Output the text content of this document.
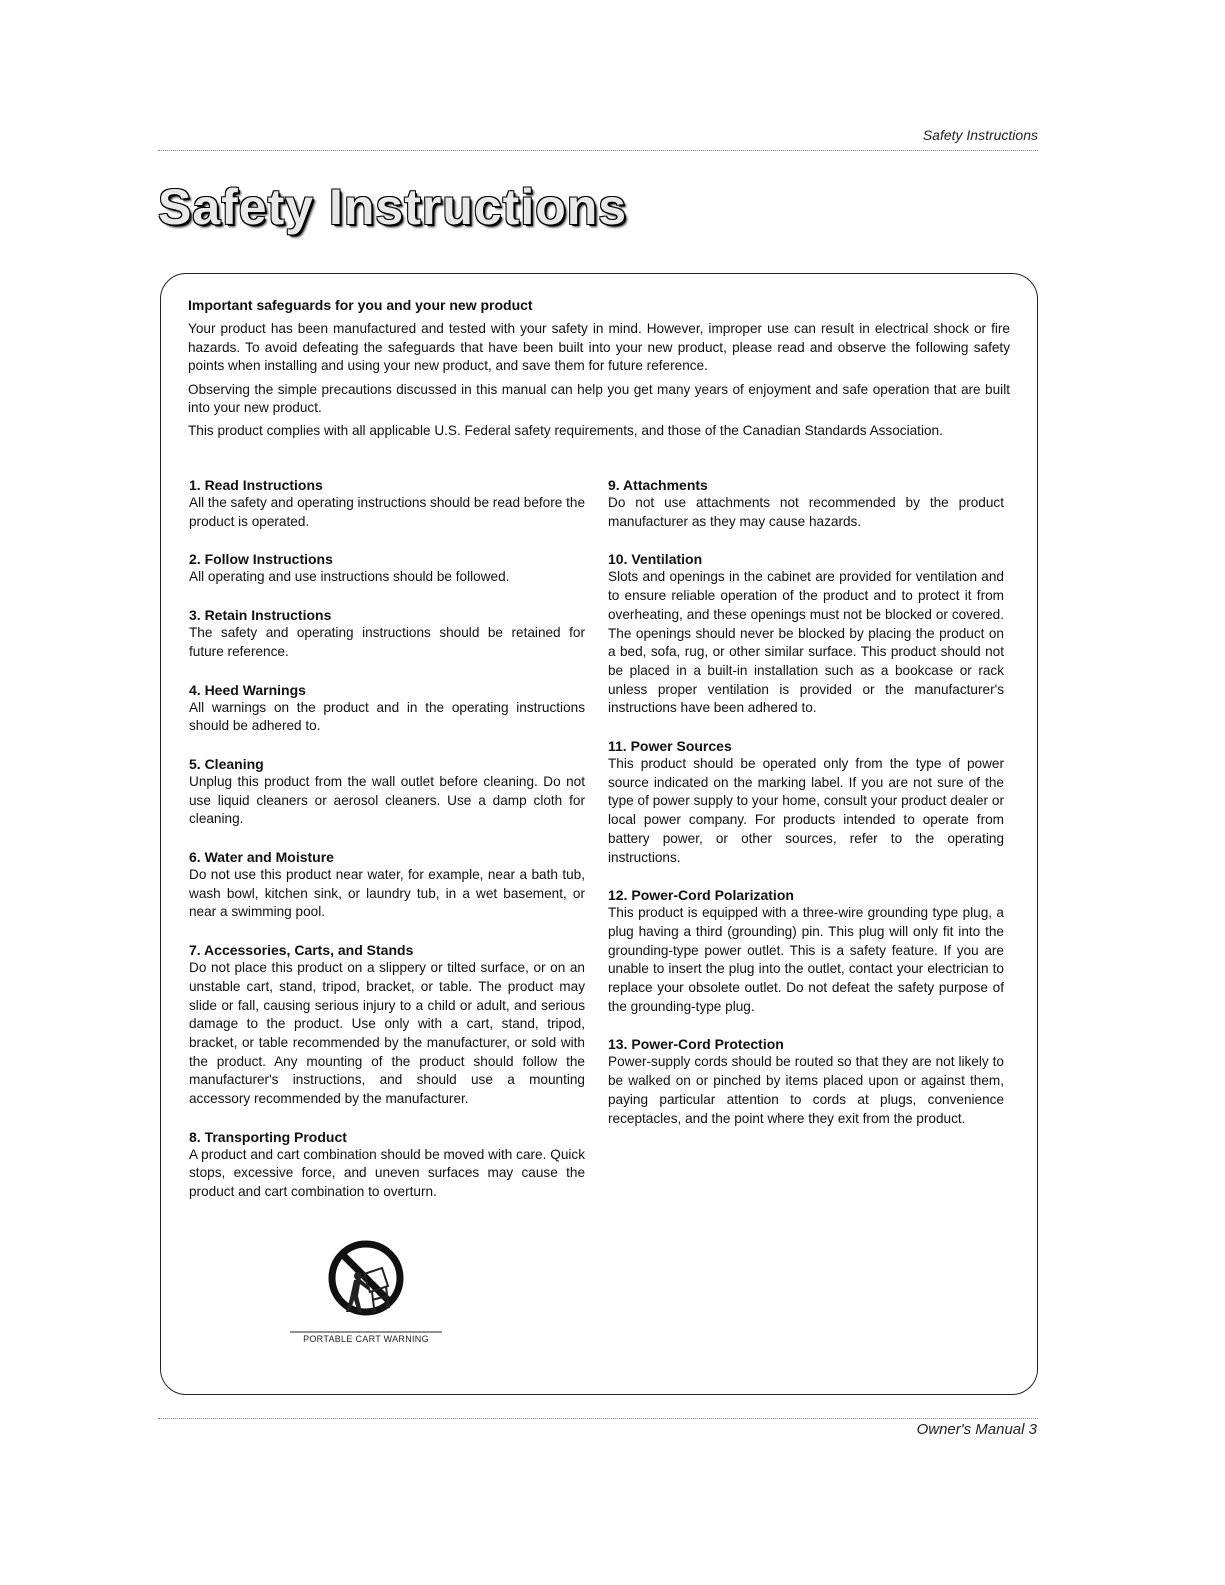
Safety Instructions
Safety Instructions
Important safeguards for you and your new product

Your product has been manufactured and tested with your safety in mind. However, improper use can result in electrical shock or fire hazards. To avoid defeating the safeguards that have been built into your new product, please read and observe the following safety points when installing and using your new product, and save them for future reference.

Observing the simple precautions discussed in this manual can help you get many years of enjoyment and safe operation that are built into your new product.

This product complies with all applicable U.S. Federal safety requirements, and those of the Canadian Standards Association.

1. Read Instructions

All the safety and operating instructions should be read before the product is operated.

2. Follow Instructions

All operating and use instructions should be followed.

3. Retain Instructions

The safety and operating instructions should be retained for future reference.

4. Heed Warnings

All warnings on the product and in the operating instructions should be adhered to.

5. Cleaning

Unplug this product from the wall outlet before cleaning. Do not use liquid cleaners or aerosol cleaners. Use a damp cloth for cleaning.

6. Water and Moisture

Do not use this product near water, for example, near a bath tub, wash bowl, kitchen sink, or laundry tub, in a wet basement, or near a swimming pool.

7. Accessories, Carts, and Stands

Do not place this product on a slippery or tilted surface, or on an unstable cart, stand, tripod, bracket, or table. The product may slide or fall, causing serious injury to a child or adult, and serious damage to the product. Use only with a cart, stand, tripod, bracket, or table recommended by the manufacturer, or sold with the product. Any mounting of the product should follow the manufacturer's instructions, and should use a mounting accessory recommended by the manufacturer.

8. Transporting Product

A product and cart combination should be moved with care. Quick stops, excessive force, and uneven surfaces may cause the product and cart combination to overturn.

9. Attachments

Do not use attachments not recommended by the product manufacturer as they may cause hazards.

10. Ventilation

Slots and openings in the cabinet are provided for ventilation and to ensure reliable operation of the product and to protect it from overheating, and these openings must not be blocked or covered. The openings should never be blocked by placing the product on a bed, sofa, rug, or other similar surface. This product should not be placed in a built-in installation such as a bookcase or rack unless proper ventilation is provided or the manufacturer's instructions have been adhered to.

11. Power Sources

This product should be operated only from the type of power source indicated on the marking label. If you are not sure of the type of power supply to your home, consult your product dealer or local power company. For products intended to operate from battery power, or other sources, refer to the operating instructions.

12. Power-Cord Polarization

This product is equipped with a three-wire grounding type plug, a plug having a third (grounding) pin. This plug will only fit into the grounding-type power outlet. This is a safety feature. If you are unable to insert the plug into the outlet, contact your electrician to replace your obsolete outlet. Do not defeat the safety purpose of the grounding-type plug.

13. Power-Cord Protection

Power-supply cords should be routed so that they are not likely to be walked on or pinched by items placed upon or against them, paying particular attention to cords at plugs, convenience receptacles, and the point where they exit from the product.

PORTABLE CART WARNING
Owner's Manual 3
